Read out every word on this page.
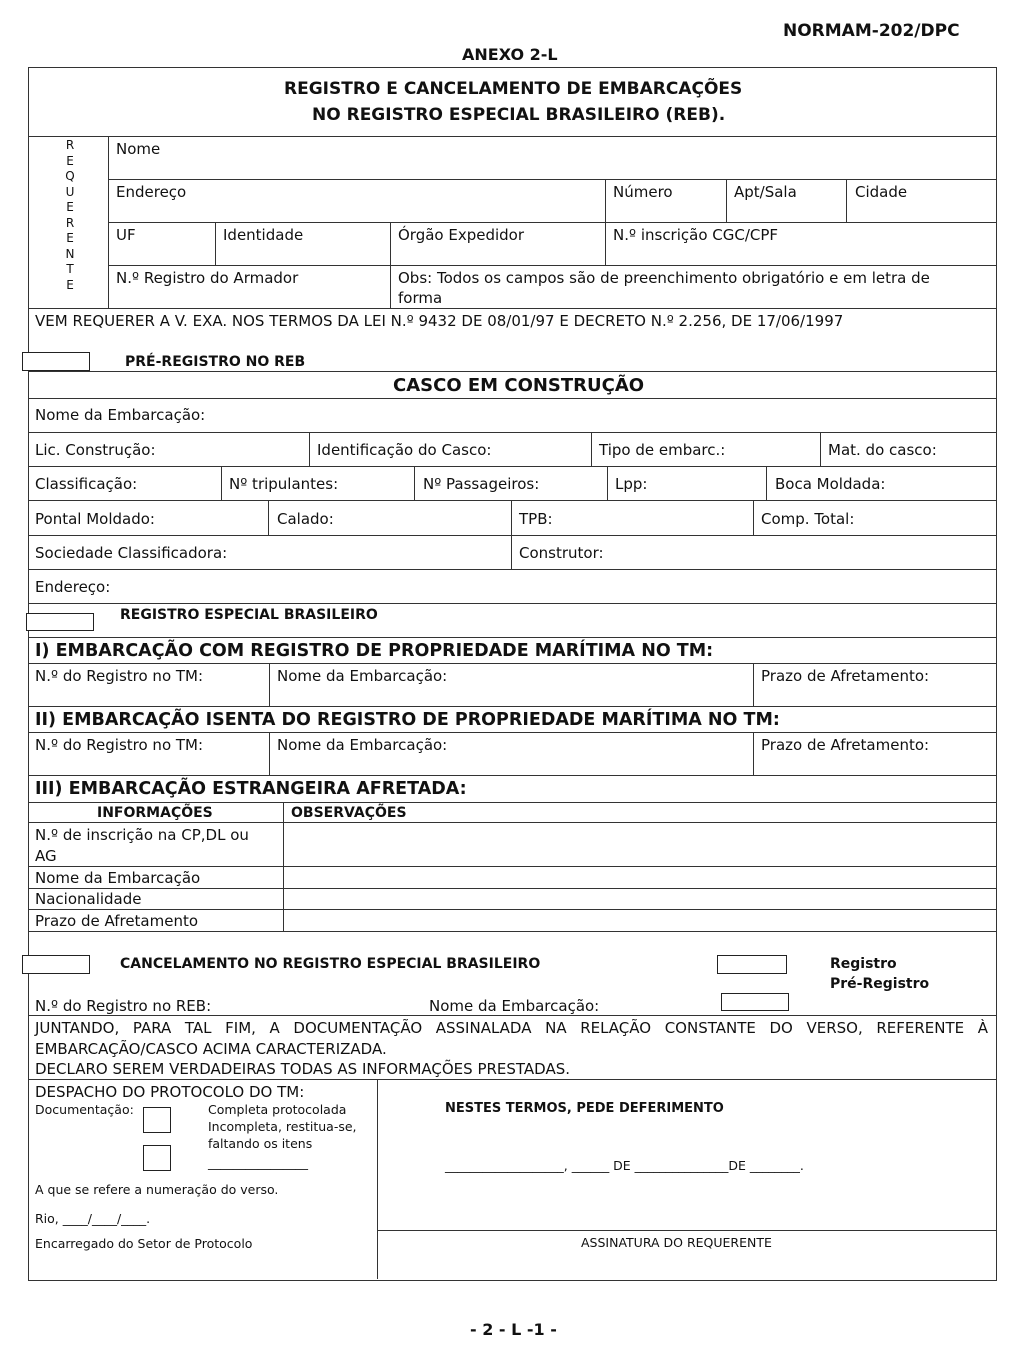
NORMAM-202/DPC
ANEXO 2-L
REGISTRO E CANCELAMENTO DE EMBARCAÇÕES
NO REGISTRO ESPECIAL BRASILEIRO (REB).
R
E
Q
U
E
R
E
N
T
E
Nome
Endereço	Número	Apt/Sala	Cidade
UF	Identidade	Órgão Expedidor	N.º inscrição CGC/CPF
N.º Registro do Armador	Obs: Todos os campos são de preenchimento obrigatório e em letra de
forma
VEM REQUERER A V. EXA. NOS TERMOS DA LEI N.º 9432 DE 08/01/97 E DECRETO N.º 2.256, DE 17/06/1997
PRÉ-REGISTRO NO REB
CASCO EM CONSTRUÇÃO
Nome da Embarcação:
Lic. Construção:	Identificação do Casco:	Tipo de embarc.:	Mat. do casco:
Classificação:	Nº tripulantes:	Nº Passageiros:	Lpp:	Boca Moldada:
Pontal Moldado:	Calado:	TPB:	Comp. Total:
Sociedade Classificadora:	Construtor:
Endereço:
REGISTRO ESPECIAL BRASILEIRO
I) EMBARCAÇÃO COM REGISTRO DE PROPRIEDADE MARÍTIMA NO TM:
N.º do Registro no TM:	Nome da Embarcação:	Prazo de Afretamento:
II) EMBARCAÇÃO ISENTA DO REGISTRO DE PROPRIEDADE MARÍTIMA NO TM:
N.º do Registro no TM:	Nome da Embarcação:	Prazo de Afretamento:
III) EMBARCAÇÃO ESTRANGEIRA AFRETADA:
INFORMAÇÕES	OBSERVAÇÕES
N.º de inscrição na CP,DL ou
AG
Nome da Embarcação
Nacionalidade
Prazo de Afretamento
CANCELAMENTO NO REGISTRO ESPECIAL BRASILEIRO	Registro
Pré-Registro
N.º do Registro no REB:	Nome da Embarcação:
JUNTANDO, PARA TAL FIM, A DOCUMENTAÇÃO ASSINALADA NA RELAÇÃO CONSTANTE DO VERSO, REFERENTE À
EMBARCAÇÃO/CASCO ACIMA CARACTERIZADA.
DECLARO SEREM VERDADEIRAS TODAS AS INFORMAÇÕES PRESTADAS.
DESPACHO DO PROTOCOLO DO TM:
Documentação:	Completa protocolada
Incompleta, restitua-se,
faltando os itens
________________
A que se refere a numeração do verso.
Rio, ____/____/____.
Encarregado do Setor de Protocolo
NESTES TERMOS, PEDE DEFERIMENTO
___________________, ______ DE _______________DE ________.
ASSINATURA DO REQUERENTE
- 2 - L -1 -
